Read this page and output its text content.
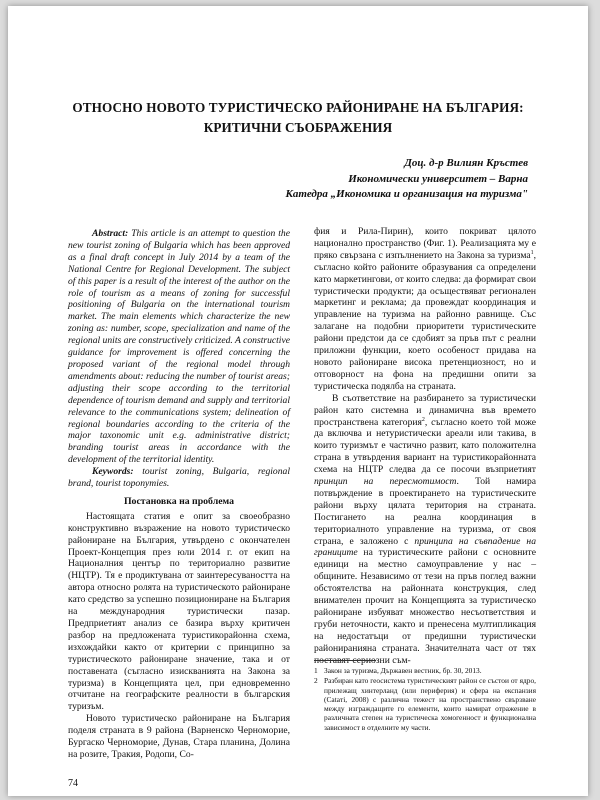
ОТНОСНО НОВОТО ТУРИСТИЧЕСКО РАЙОНИРАНЕ НА БЪЛГАРИЯ:
КРИТИЧНИ СЪОБРАЖЕНИЯ
Доц. д-р Вилиян Кръстев
Икономически университет – Варна
Катедра „Икономика и организация на туризма"

Abstract: This article is an attempt to question the new tourist zoning of Bulgaria which has been approved as a final draft concept in July 2014 by a team of the National Centre for Regional Development. The subject of this paper is a result of the interest of the author on the role of tourism as a means of zoning for successful positioning of Bulgaria on the international tourism market. The main elements which characterize the new zoning as: number, scope, specialization and name of the regional units are constructively criticized. A constructive guidance for improvement is offered concerning the proposed variant of the regional model through amendments about: reducing the number of tourist areas; adjusting their scope according to the territorial dependence of tourism demand and supply and territorial relevance to the communications system; delineation of regional boundaries according to the criteria of the major taxonomic unit e.g. administrative district; branding tourist areas in accordance with the development of the territorial identity.

Keywords: tourist zoning, Bulgaria, regional brand, tourist toponymies.

Постановка на проблема

Настоящата статия е опит за своеобразно конструктивно възражение на новото туристическо райониране на България, утвърдено с окончателен Проект-Концепция през юли 2014 г. от екип на Националния център по териториално развитие (НЦТР). Тя е продиктувана от заинтересуваността на автора относно ролята на туристическото райониране като средство за успешно позициониране на България на международния туристически пазар. Предприетият анализ се базира върху критичен разбор на предложената туристикорайонна схема, изхождайки както от критерии с принципно за туристическото райониране значение, така и от поставената (съгласно изискванията на Закона за туризма) в Концепцията цел, при едновременно отчитане на географските реалности в българския туризъм.

Новото туристическо райониране на България поделя страната в 9 района (Варненско Черноморие, Бургаско Черноморие, Дунав, Стара планина, Долина на розите, Тракия, Родопи, Со-

фия и Рила-Пирин), които покриват цялото национално пространство (Фиг. 1). Реализацията му е пряко свързана с изпълнението на Закона за туризма$^1$, съгласно който районите образувания са определени като маркетингови, от които следва: да формират свои туристически продукти; да осъществяват регионален маркетинг и реклама; да провеждат координация и управление на туризма на районно равнище. Със залагане на подобни приоритети туристическите райони предстои да се сдобият за пръв път с реални приложни функции, което особеност придава на новото райониране висока претенциозност, но и отговорност на фона на предишни опити за туристическа подялба на страната.

В съответствие на разбирането за туристически район като системна и динамична във времето пространствена категория$^2$, съгласно което той може да включва и нетуристически ареали или такива, в които туризмът е частично развит, като положителна страна в утвърдения вариант на туристикорайонната схема на НЦТР следва да се посочи възприетият принцип на пересмотимост. Той намира потвърждение в проектирането на туристическите райони върху цялата територия на страната. Постигането на реална координация в териториалното управление на туризма, от своя страна, е заложено с принципа на съвпадение на границите на туристическите райони с основните единици на местно самоуправление у нас – общините. Независимо от тези на пръв поглед важни обстоятелства на районната конструкция, след внимателен прочит на Концепцията за туристическо райониране избуяват множество несъответствия и груби неточности, както и пренесена мултипликация на недостатъци от предишни туристически райониранияна страната. Значителната част от тях поставят сериозни съм-

1 Закон за туризма, Държавен вестник, бр. 30, 2013.
2 Разбиран като геосистема туристическият район се състои от ядро, прилежащ хинтерланд (или периферия) и сфера на експанзия (Саtaтi, 2008) с различна тежест на пространствено свързване между изграждащите го елементи, които намират отражение в различната степен на туристическа хомогенност и функционална зависимост в отделните му части.
74
